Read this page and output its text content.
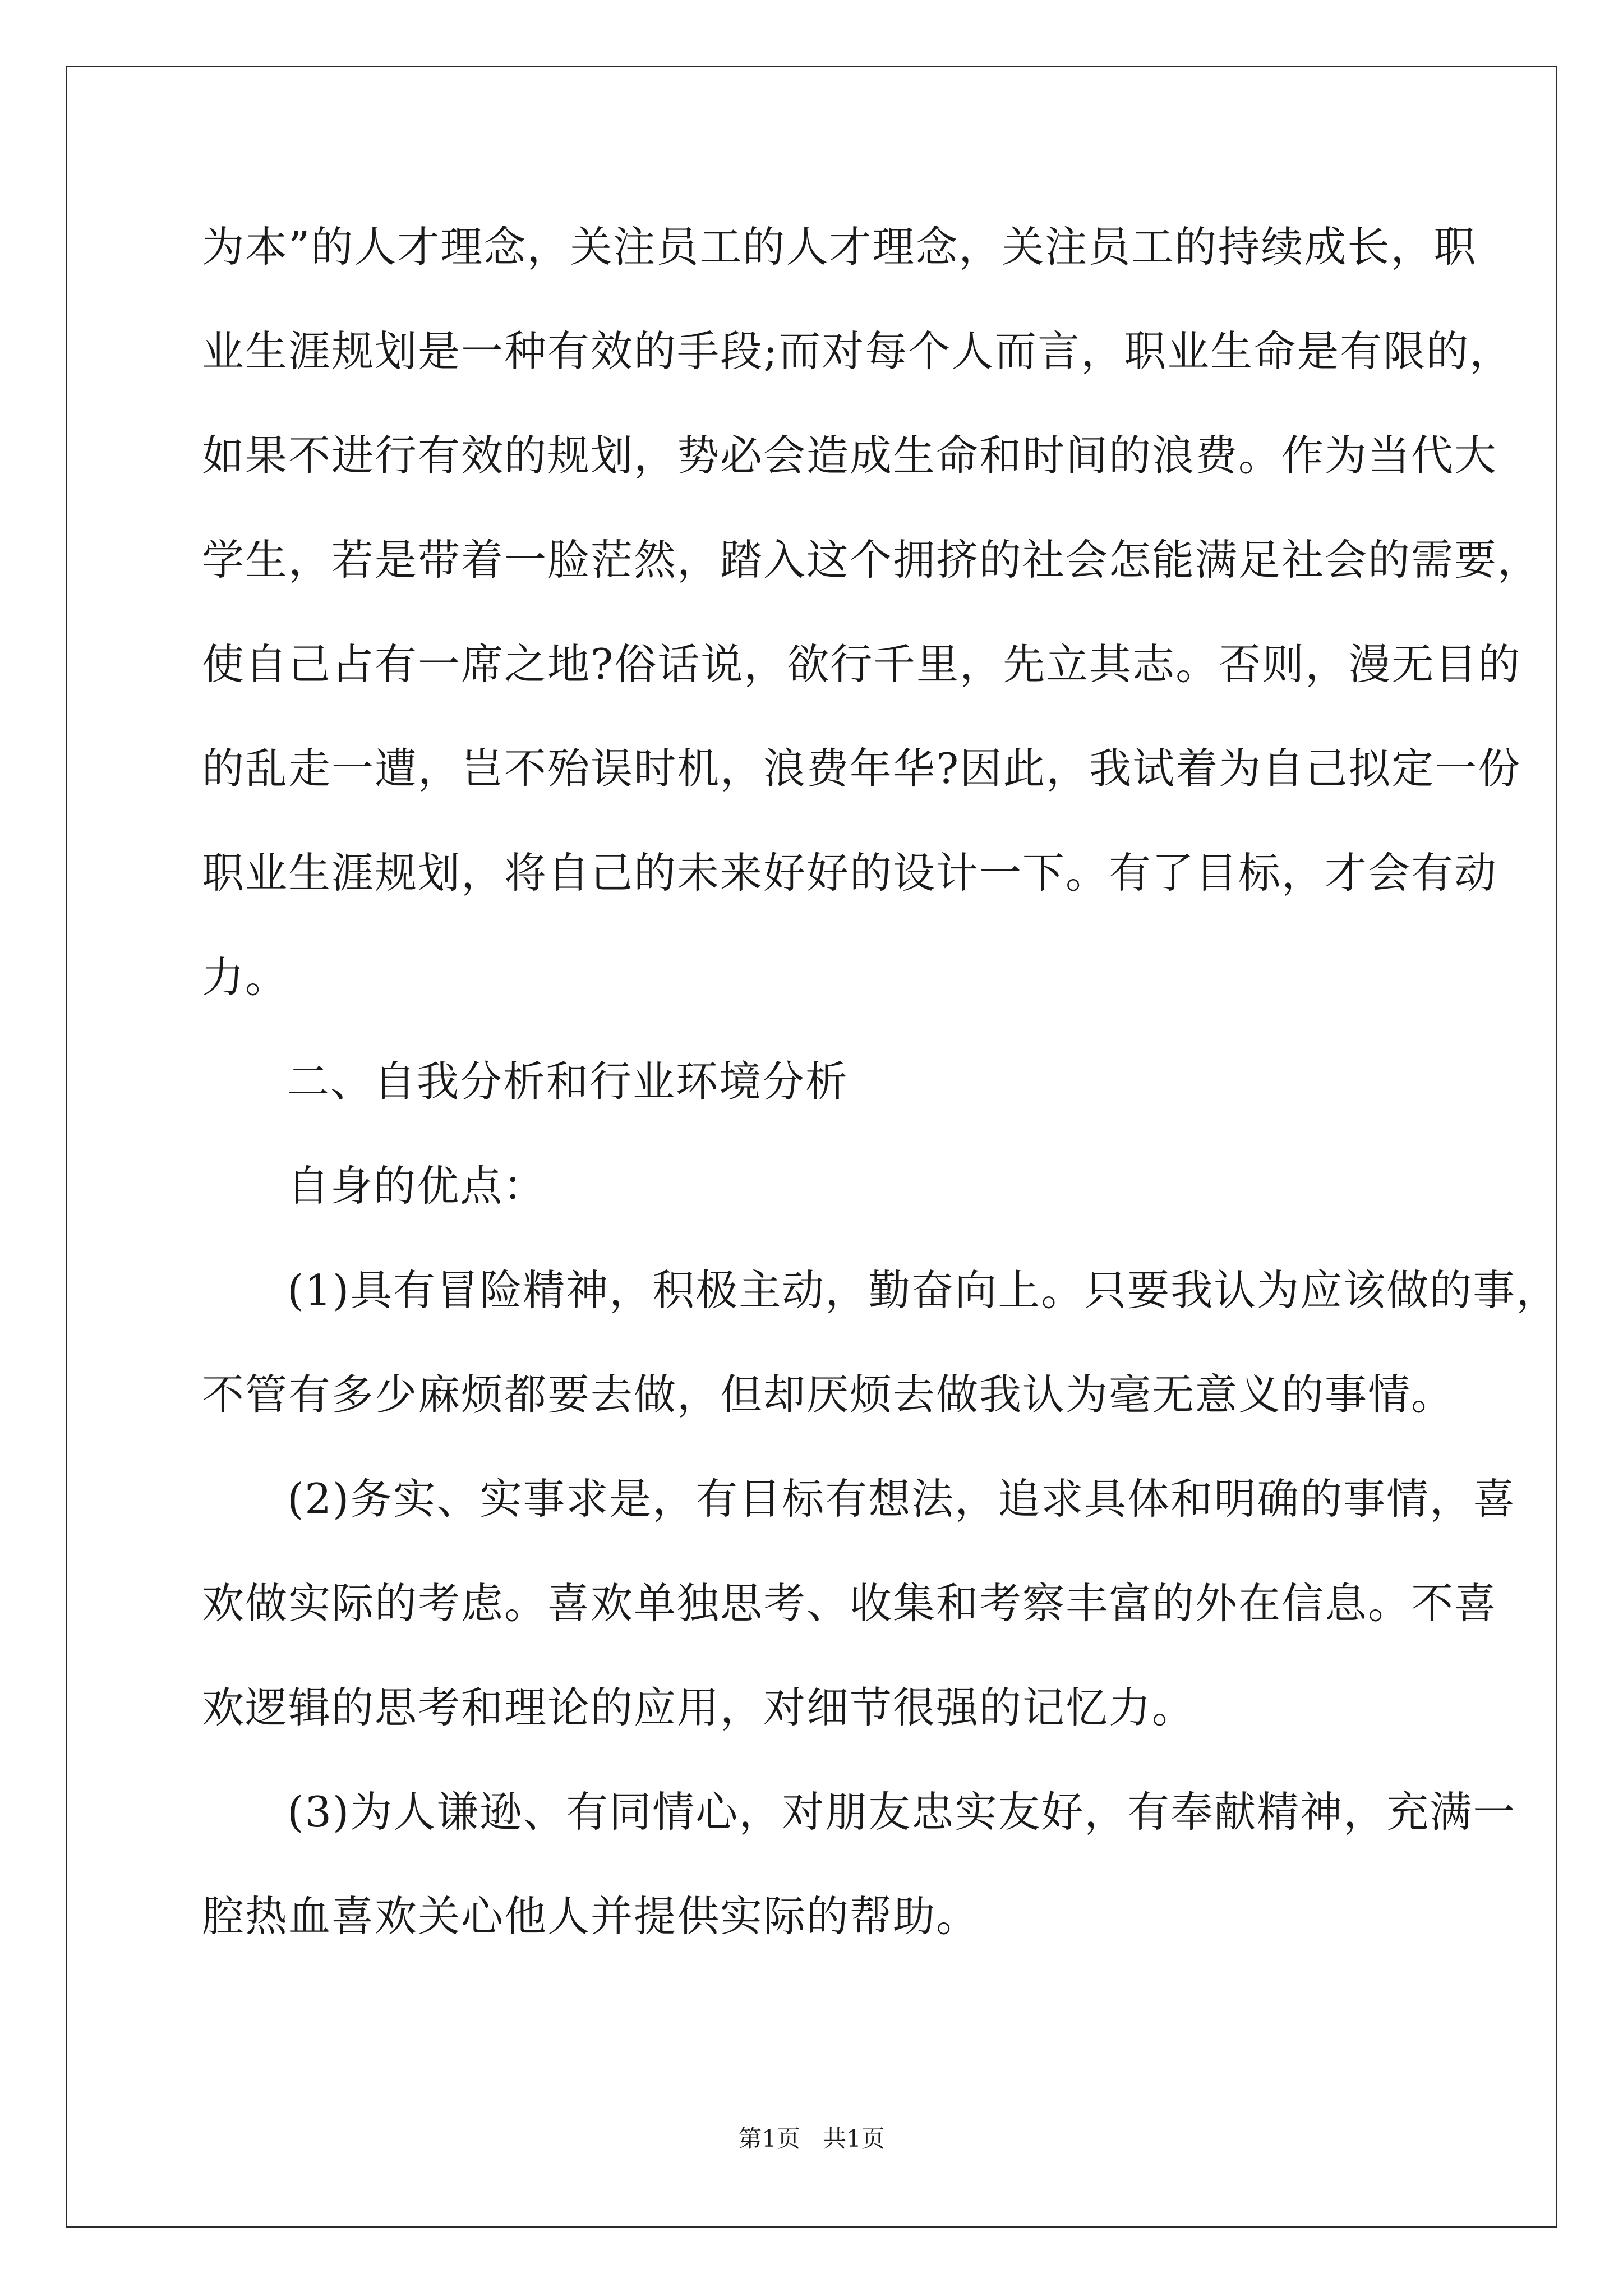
为本”的人才理念，关注员工的人才理念，关注员工的持续成长，职
业生涯规划是一种有效的手段;而对每个人而言，职业生命是有限的，
如果不进行有效的规划，势必会造成生命和时间的浪费。作为当代大
学生，若是带着一脸茫然，踏入这个拥挤的社会怎能满足社会的需要，
使自己占有一席之地?俗话说，欲行千里，先立其志。否则，漫无目的
的乱走一遭，岂不殆误时机，浪费年华?因此，我试着为自己拟定一份
职业生涯规划，将自己的未来好好的设计一下。有了目标，才会有动
力。
二、自我分析和行业环境分析
自身的优点：
(1)具有冒险精神，积极主动，勤奋向上。只要我认为应该做的事，
不管有多少麻烦都要去做，但却厌烦去做我认为毫无意义的事情。
(2)务实、实事求是，有目标有想法，追求具体和明确的事情，喜
欢做实际的考虑。喜欢单独思考、收集和考察丰富的外在信息。不喜
欢逻辑的思考和理论的应用，对细节很强的记忆力。
(3)为人谦逊、有同情心，对朋友忠实友好，有奉献精神，充满一
腔热血喜欢关心他人并提供实际的帮助。
第1页   共1页
